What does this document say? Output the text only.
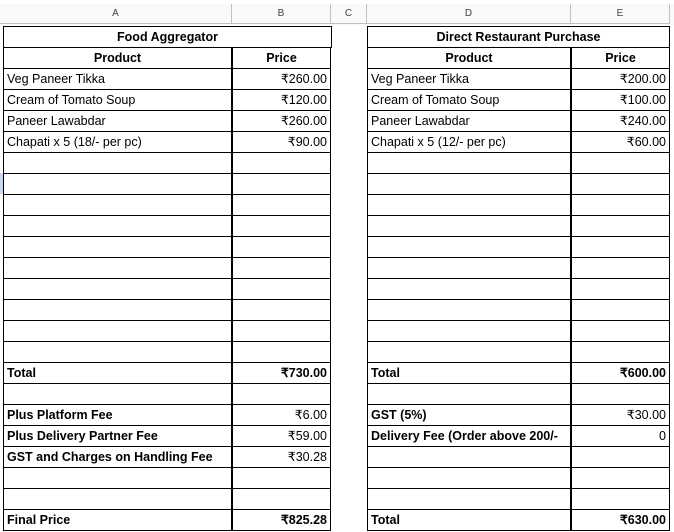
A	B	C	D	E
Food Aggregator	Direct Restaurant Purchase
Product	Price	Product	Price
Veg Paneer Tikka	₹260.00	Veg Paneer Tikka	₹200.00
Cream of Tomato Soup	₹120.00	Cream of Tomato Soup	₹100.00
Paneer Lawabdar	₹260.00	Paneer Lawabdar	₹240.00
Chapati x 5 (18/- per pc)	₹90.00	Chapati x 5 (12/- per pc)	₹60.00
Total	₹730.00	Total	₹600.00
Plus Platform Fee	₹6.00	GST (5%)	₹30.00
Plus Delivery Partner Fee	₹59.00	Delivery Fee (Order above 200/-	0
GST and Charges on Handling Fee	₹30.28
Final Price	₹825.28	Total	₹630.00
